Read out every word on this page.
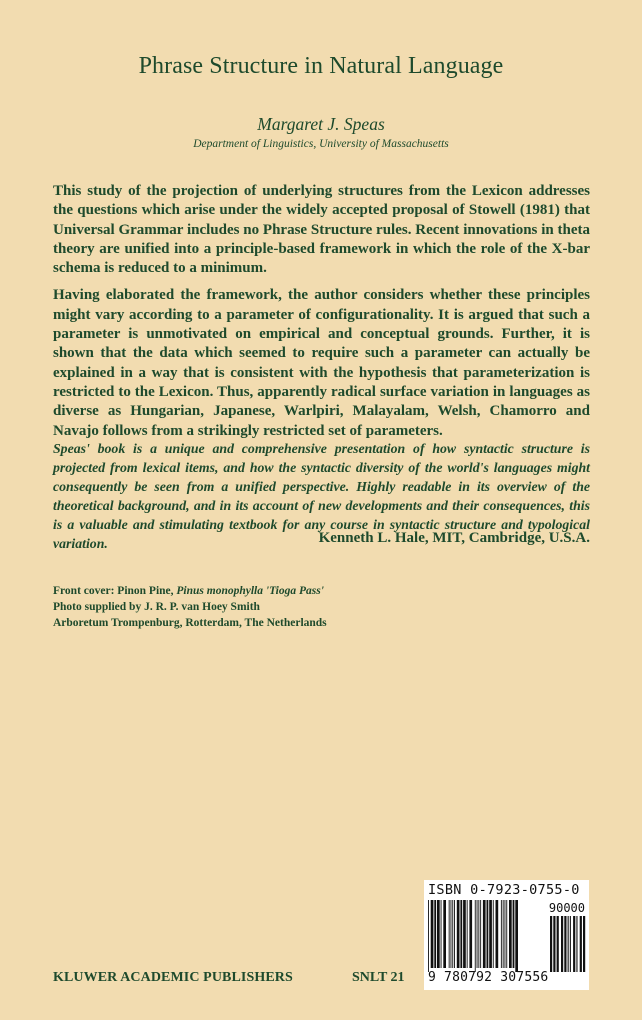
Phrase Structure in Natural Language
Margaret J. Speas
Department of Linguistics, University of Massachusetts

This study of the projection of underlying structures from the Lexicon addresses the questions which arise under the widely accepted proposal of Stowell (1981) that Universal Grammar includes no Phrase Structure rules. Recent innovations in theta theory are unified into a principle-based framework in which the role of the X-bar schema is reduced to a minimum.

Having elaborated the framework, the author considers whether these principles might vary according to a parameter of configurationality. It is argued that such a parameter is unmotivated on empirical and conceptual grounds. Further, it is shown that the data which seemed to require such a parameter can actually be explained in a way that is consistent with the hypothesis that parameterization is restricted to the Lexicon. Thus, apparently radical surface variation in languages as diverse as Hungarian, Japanese, Warlpiri, Malayalam, Welsh, Chamorro and Navajo follows from a strikingly restricted set of parameters.

Speas' book is a unique and comprehensive presentation of how syntactic structure is projected from lexical items, and how the syntactic diversity of the world's languages might consequently be seen from a unified perspective. Highly readable in its overview of the theoretical background, and in its account of new developments and their consequences, this is a valuable and stimulating textbook for any course in syntactic structure and typological variation.	Kenneth L. Hale, MIT, Cambridge, U.S.A.
Front cover: Pinon Pine, Pinus monophylla 'Tioga Pass'
Photo supplied by J. R. P. van Hoey Smith
Arboretum Trompenburg, Rotterdam, The Netherlands
ISBN 0-7923-0755-0
90000
9 780792 307556
KLUWER ACADEMIC PUBLISHERS	SNLT 21
